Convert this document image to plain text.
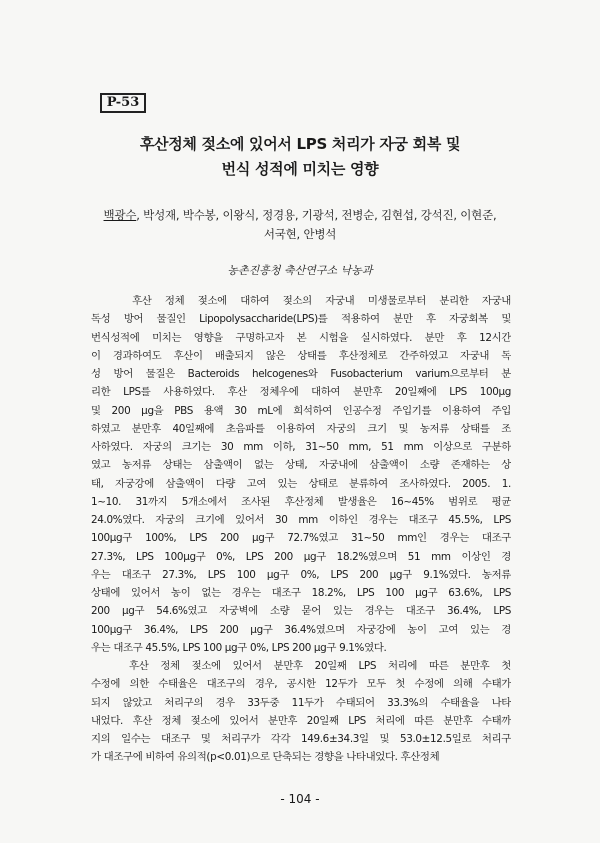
P-53
후산정체 젖소에 있어서 LPS 처리가 자궁 회복 및
번식 성적에 미치는 영향
백광수, 박성재, 박수봉, 이왕식, 정경용, 기광석, 전병순, 김현섭, 강석진, 이현준,
서국현, 안병석
농촌진흥청 축산연구소 낙농과
　　후산 정체 젖소에 대하여 젖소의 자궁내 미생물로부터 분리한 자궁내
독성 방어 물질인 Lipopolysaccharide(LPS)를 적용하여 분만 후 자궁회복 및
번식성적에 미치는 영향을 구명하고자 본 시험을 실시하였다. 분만 후 12시간
이 경과하여도 후산이 배출되지 않은 상태를 후산정체로 간주하였고 자궁내 독
성 방어 물질은 Bacteroids helcogenes와 Fusobacterium varium으로부터 분
리한 LPS를 사용하였다. 후산 정체우에 대하여 분만후 20일째에 LPS 100μg
및 200 μg을 PBS 용액 30 mL에 희석하여 인공수정 주입기를 이용하여 주입
하였고 분만후 40일째에 초음파를 이용하여 자궁의 크기 및 농저류 상태를 조
사하였다. 자궁의 크기는 30 mm 이하, 31~50 mm, 51 mm 이상으로 구분하
였고 농저류 상태는 삼출액이 없는 상태, 자궁내에 삼출액이 소량 존재하는 상
태, 자궁강에 삼출액이 다량 고여 있는 상태로 분류하여 조사하였다. 2005. 1.
1~10. 31까지 5개소에서 조사된 후산정체 발생율은 16~45% 범위로 평균
24.0%였다. 자궁의 크기에 있어서 30 mm 이하인 경우는 대조구 45.5%, LPS
100μg구 100%, LPS 200 μg구 72.7%였고 31~50 mm인 경우는 대조구
27.3%, LPS 100μg구 0%, LPS 200 μg구 18.2%였으며 51 mm 이상인 경
우는 대조구 27.3%, LPS 100 μg구 0%, LPS 200 μg구 9.1%였다. 농저류
상태에 있어서 농이 없는 경우는 대조구 18.2%, LPS 100 μg구 63.6%, LPS
200 μg구 54.6%였고 자궁벽에 소량 묻어 있는 경우는 대조구 36.4%, LPS
100μg구 36.4%, LPS 200 μg구 36.4%였으며 자궁강에 농이 고여 있는 경
우는 대조구 45.5%, LPS 100 μg구 0%, LPS 200 μg구 9.1%였다.
　　후산 정체 젖소에 있어서 분만후 20일째 LPS 처리에 따른 분만후 첫
수정에 의한 수태율은 대조구의 경우, 공시한 12두가 모두 첫 수정에 의해 수태가
되지 않았고 처리구의 경우 33두중 11두가 수태되어 33.3%의 수태율을 나타
내었다. 후산 정체 젖소에 있어서 분만후 20일째 LPS 처리에 따른 분만후 수태까
지의 일수는 대조구 및 처리구가 각각 149.6±34.3일 및 53.0±12.5일로 처리구
가 대조구에 비하여 유의적(p<0.01)으로 단축되는 경향을 나타내었다. 후산정체
- 104 -
